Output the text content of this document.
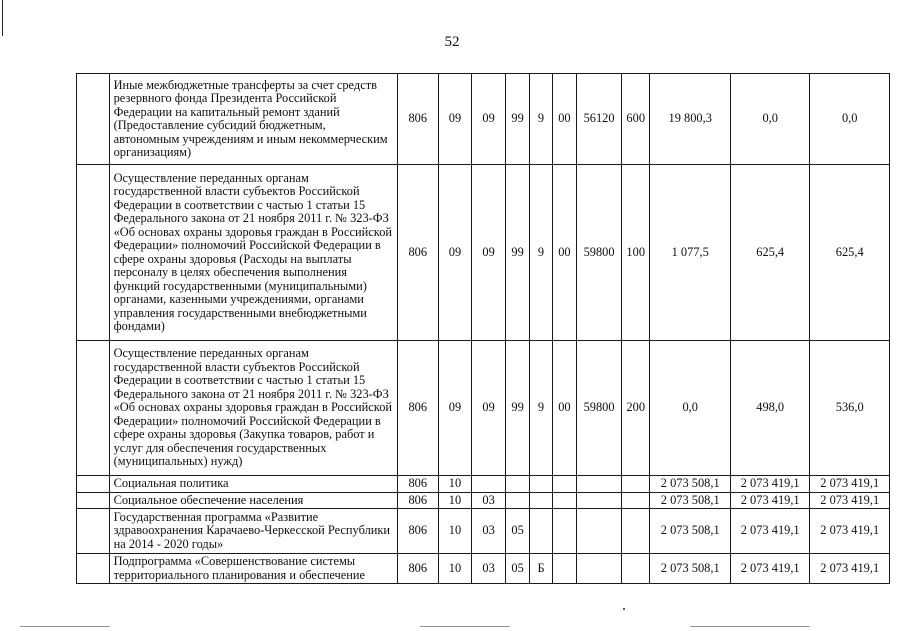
52
	Иные межбюджетные трансферты за счет средств резервного фонда Президента Российской Федерации на капитальный ремонт зданий (Предоставление субсидий бюджетным, автономным учреждениям и иным некоммерческим организациям)	806	09	09	99	9	00	56120	600	19 800,3	0,0	0,0
	Осуществление переданных органам государственной власти субъектов Российской Федерации в соответствии с частью 1 статьи 15 Федерального закона от 21 ноября 2011 г. № 323-ФЗ «Об основах охраны здоровья граждан в Российской Федерации» полномочий Российской Федерации в сфере охраны здоровья (Расходы на выплаты персоналу в целях обеспечения выполнения функций государственными (муниципальными) органами, казенными учреждениями, органами управления государственными внебюджетными фондами)	806	09	09	99	9	00	59800	100	1 077,5	625,4	625,4
	Осуществление переданных органам государственной власти субъектов Российской Федерации в соответствии с частью 1 статьи 15 Федерального закона от 21 ноября 2011 г. № 323-ФЗ «Об основах охраны здоровья граждан в Российской Федерации» полномочий Российской Федерации в сфере охраны здоровья (Закупка товаров, работ и услуг для обеспечения государственных (муниципальных) нужд)	806	09	09	99	9	00	59800	200	0,0	498,0	536,0
	Социальная политика	806	10							2 073 508,1	2 073 419,1	2 073 419,1
	Социальное обеспечение населения	806	10	03						2 073 508,1	2 073 419,1	2 073 419,1
	Государственная программа «Развитие здравоохранения Карачаево-Черкесской Республики на 2014 - 2020 годы»	806	10	03	05					2 073 508,1	2 073 419,1	2 073 419,1
	Подпрограмма «Совершенствование системы территориального планирования и обеспечение	806	10	03	05	Б				2 073 508,1	2 073 419,1	2 073 419,1
